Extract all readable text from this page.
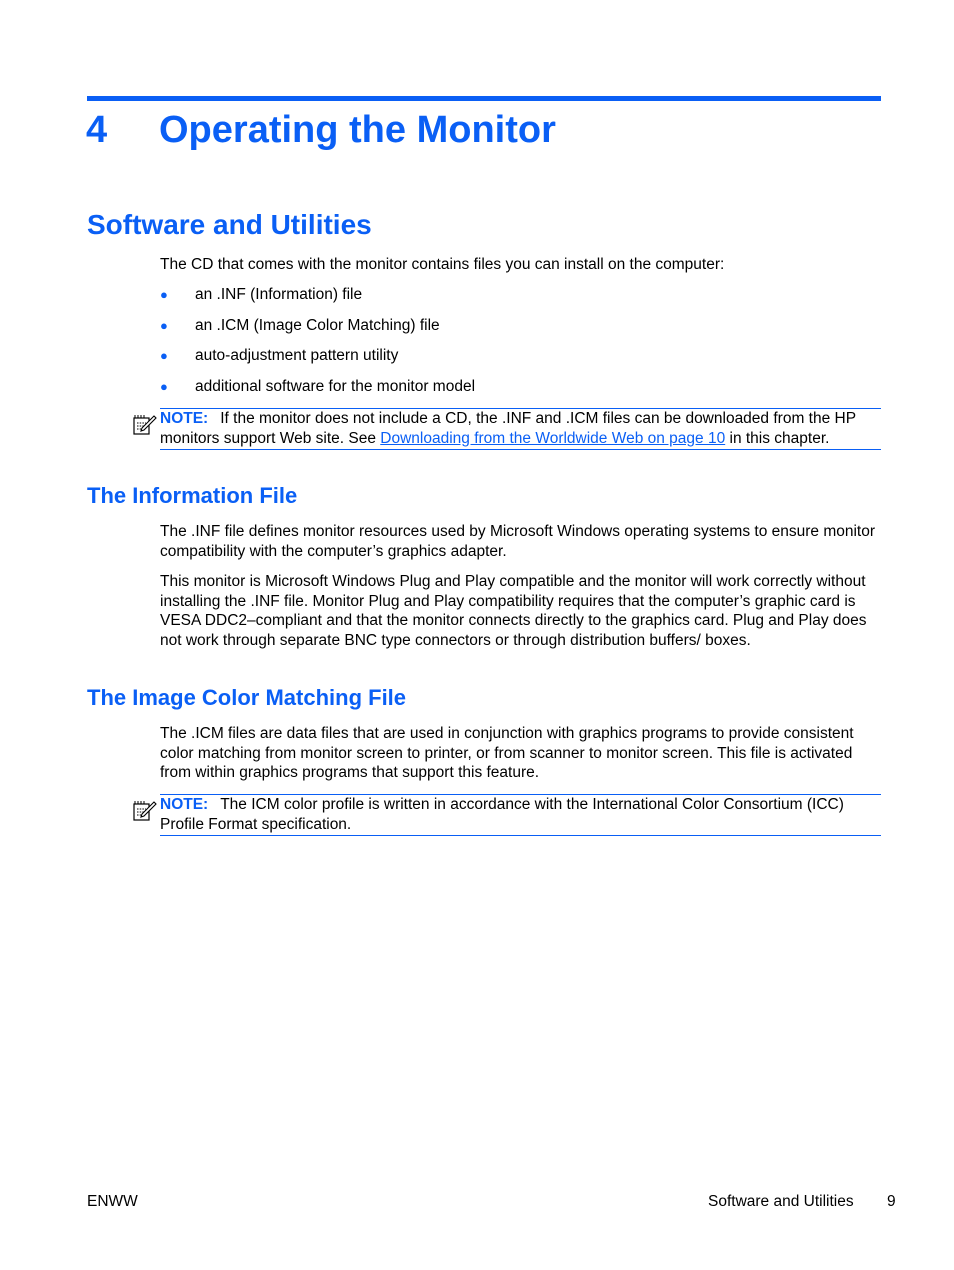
4 Operating the Monitor
Software and Utilities

The CD that comes with the monitor contains files you can install on the computer:

● an .INF (Information) file
● an .ICM (Image Color Matching) file
● auto-adjustment pattern utility
● additional software for the monitor model
NOTE: If the monitor does not include a CD, the .INF and .ICM files can be downloaded from the HP monitors support Web site. See Downloading from the Worldwide Web on page 10 in this chapter.
The Information File

The .INF file defines monitor resources used by Microsoft Windows operating systems to ensure monitor compatibility with the computer’s graphics adapter.

This monitor is Microsoft Windows Plug and Play compatible and the monitor will work correctly without installing the .INF file. Monitor Plug and Play compatibility requires that the computer’s graphic card is VESA DDC2–compliant and that the monitor connects directly to the graphics card. Plug and Play does not work through separate BNC type connectors or through distribution buffers/ boxes.

The Image Color Matching File

The .ICM files are data files that are used in conjunction with graphics programs to provide consistent color matching from monitor screen to printer, or from scanner to monitor screen. This file is activated from within graphics programs that support this feature.

NOTE: The ICM color profile is written in accordance with the International Color Consortium (ICC) Profile Format specification.
ENWW	Software and Utilities 9
